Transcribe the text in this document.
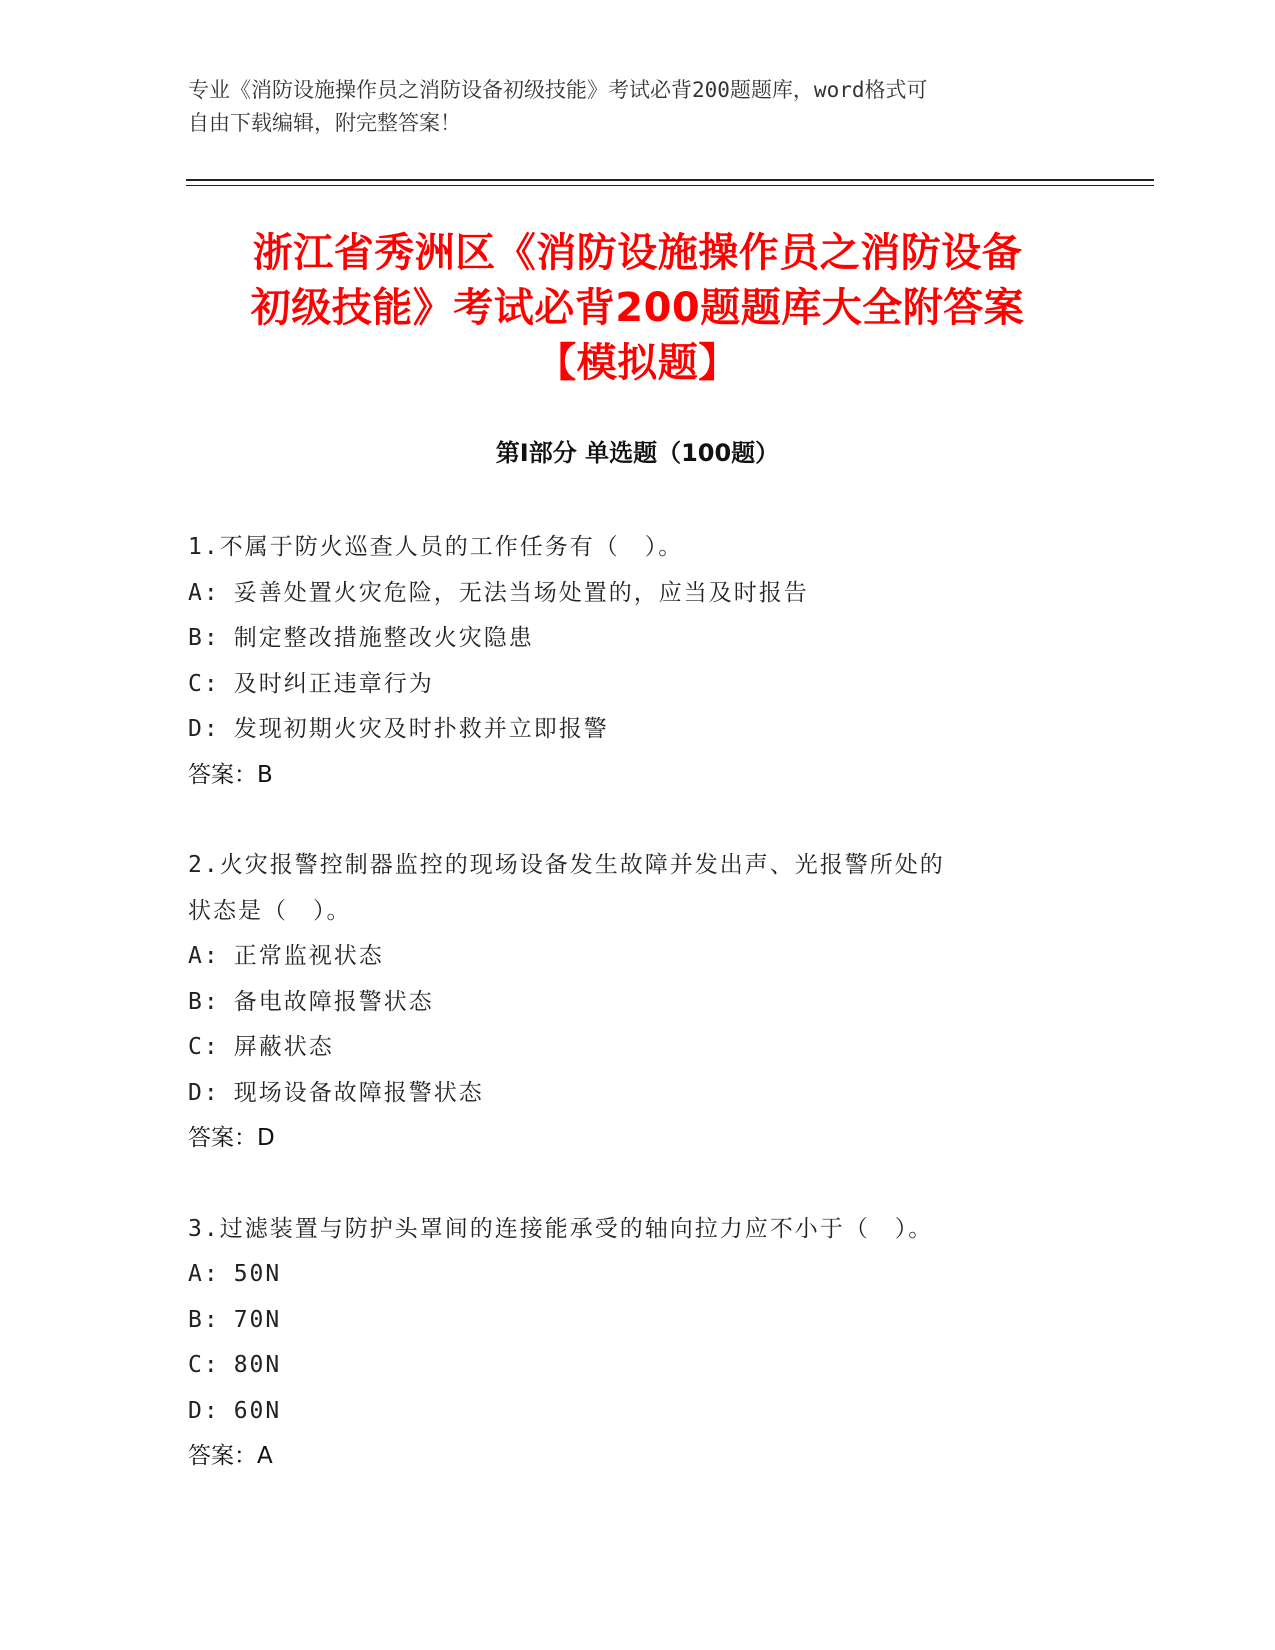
专业《消防设施操作员之消防设备初级技能》考试必背200题题库，word格式可
自由下载编辑，附完整答案！
浙江省秀洲区《消防设施操作员之消防设备
初级技能》考试必背200题题库大全附答案
【模拟题】
第Ⅰ部分 单选题（100题）
1.不属于防火巡查人员的工作任务有（　）。
A: 妥善处置火灾危险，无法当场处置的，应当及时报告
B: 制定整改措施整改火灾隐患
C: 及时纠正违章行为
D: 发现初期火灾及时扑救并立即报警
答案：B
2.火灾报警控制器监控的现场设备发生故障并发出声、光报警所处的
状态是（　）。
A: 正常监视状态
B: 备电故障报警状态
C: 屏蔽状态
D: 现场设备故障报警状态
答案：D
3.过滤装置与防护头罩间的连接能承受的轴向拉力应不小于（　）。
A: 50N
B: 70N
C: 80N
D: 60N
答案：A
